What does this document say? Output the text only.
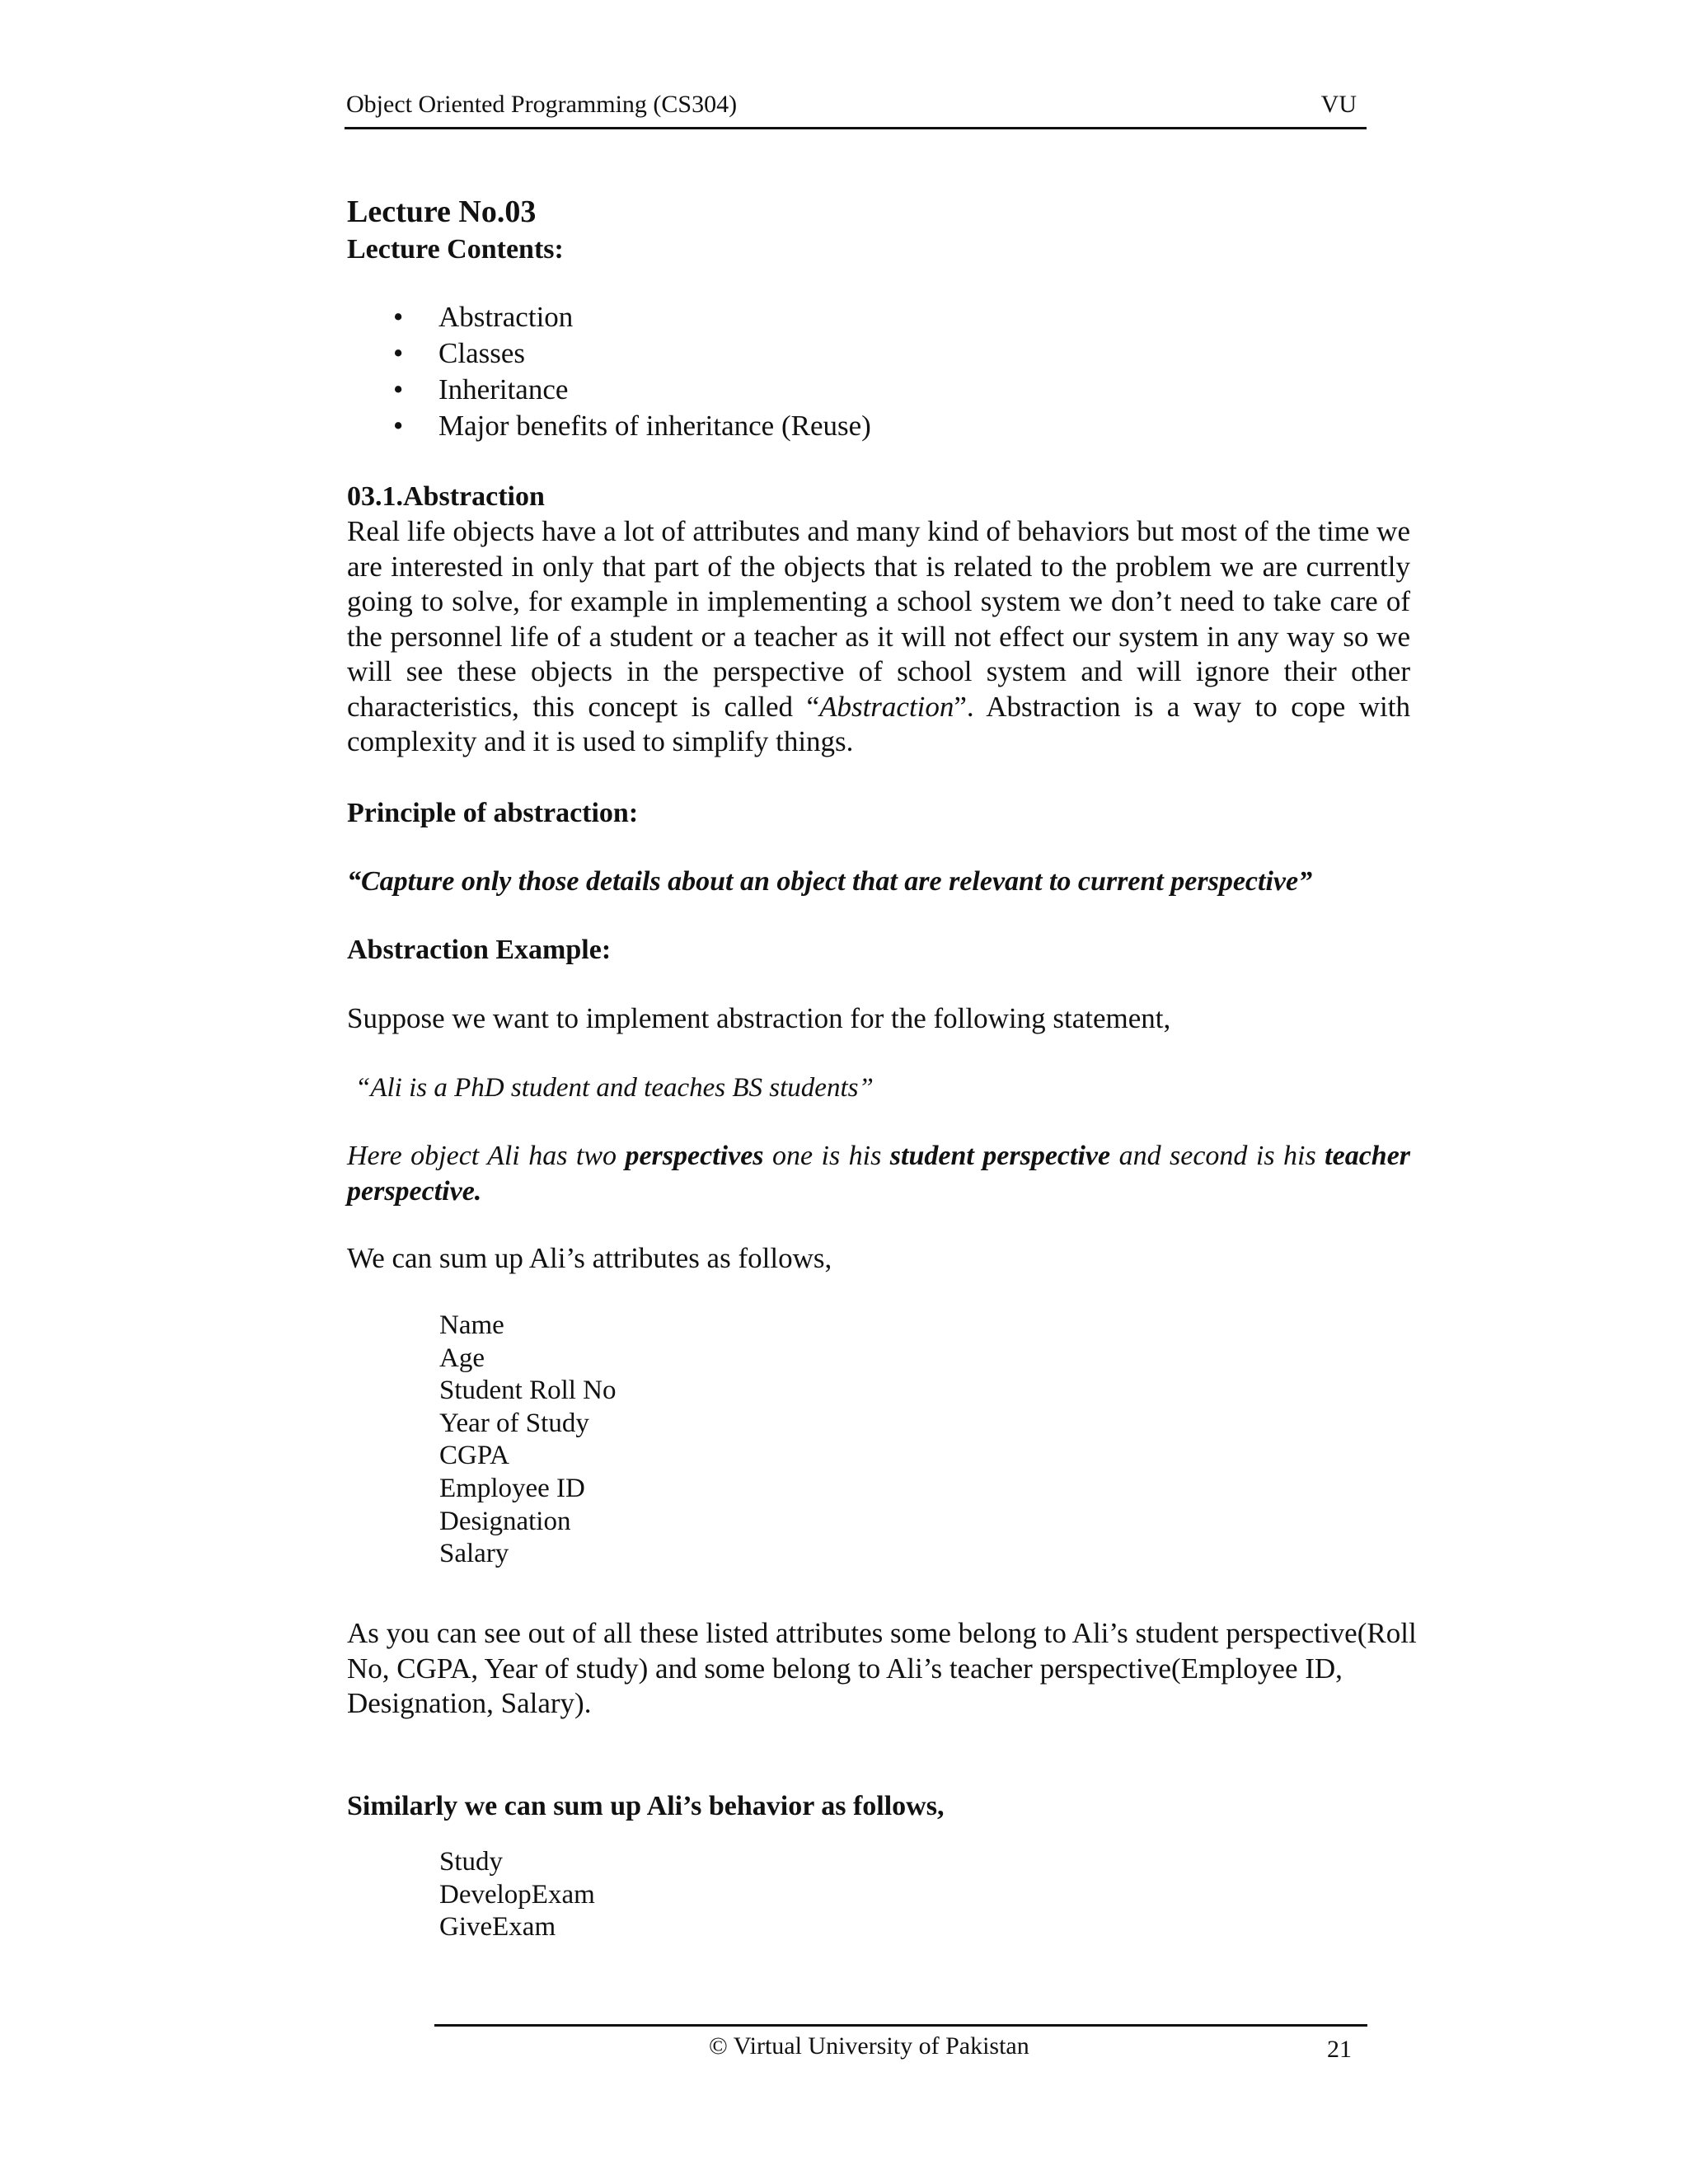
Object Oriented Programming (CS304)	VU
Lecture No.03
Lecture Contents:
• Abstraction
• Classes
• Inheritance
• Major benefits of inheritance (Reuse)
03.1.Abstraction

Real life objects have a lot of attributes and many kind of behaviors but most of the time we are interested in only that part of the objects that is related to the problem we are currently going to solve, for example in implementing a school system we don’t need to take care of the personnel life of a student or a teacher as it will not effect our system in any way so we will see these objects in the perspective of school system and will ignore their other characteristics, this concept is called “Abstraction”. Abstraction is a way to cope with complexity and it is used to simplify things.

Principle of abstraction:
“Capture only those details about an object that are relevant to current perspective”
Abstraction Example:
Suppose we want to implement abstraction for the following statement,
“Ali is a PhD student and teaches BS students”

Here object Ali has two perspectives one is his student perspective and second is his teacher perspective.

We can sum up Ali’s attributes as follows,
Name
Age
Student Roll No
Year of Study
CGPA
Employee ID
Designation
Salary

As you can see out of all these listed attributes some belong to Ali’s student perspective(Roll No, CGPA, Year of study) and some belong to Ali’s teacher perspective(Employee ID, Designation, Salary).

Similarly we can sum up Ali’s behavior as follows,
Study
DevelopExam
GiveExam
© Virtual University of Pakistan	21
